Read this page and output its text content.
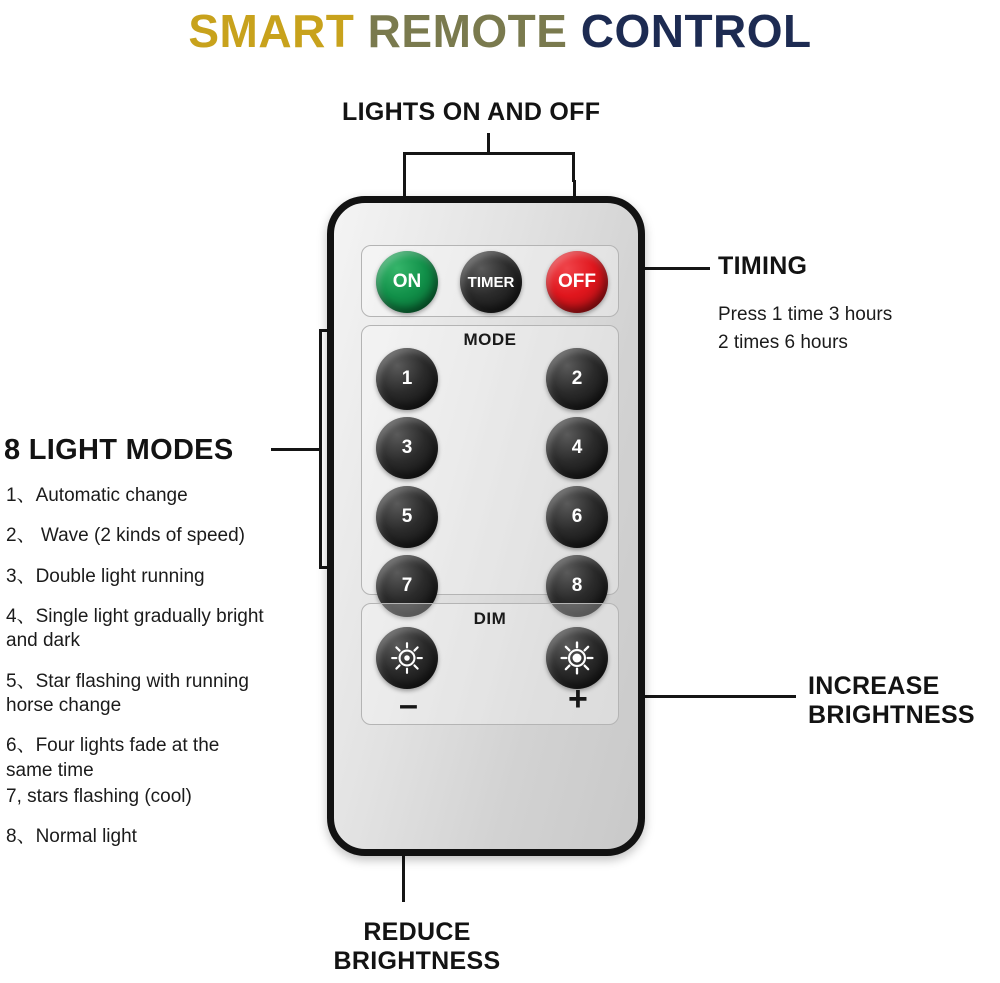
SMART REMOTE CONTROL
LIGHTS ON AND OFF
TIMING
Press 1 time 3 hours
2 times 6 hours
8 LIGHT MODES
1、Automatic change
2、 Wave (2 kinds of speed)
3、Double light running
4、Single light gradually bright and dark
5、Star flashing with running horse change
6、Four lights fade at the same time
7, stars flashing (cool)
8、Normal light
INCREASE
BRIGHTNESS
REDUCE
BRIGHTNESS
ON	TIMER	OFF
MODE
1	2
3	4
5	6
7	8
DIM
–	+
